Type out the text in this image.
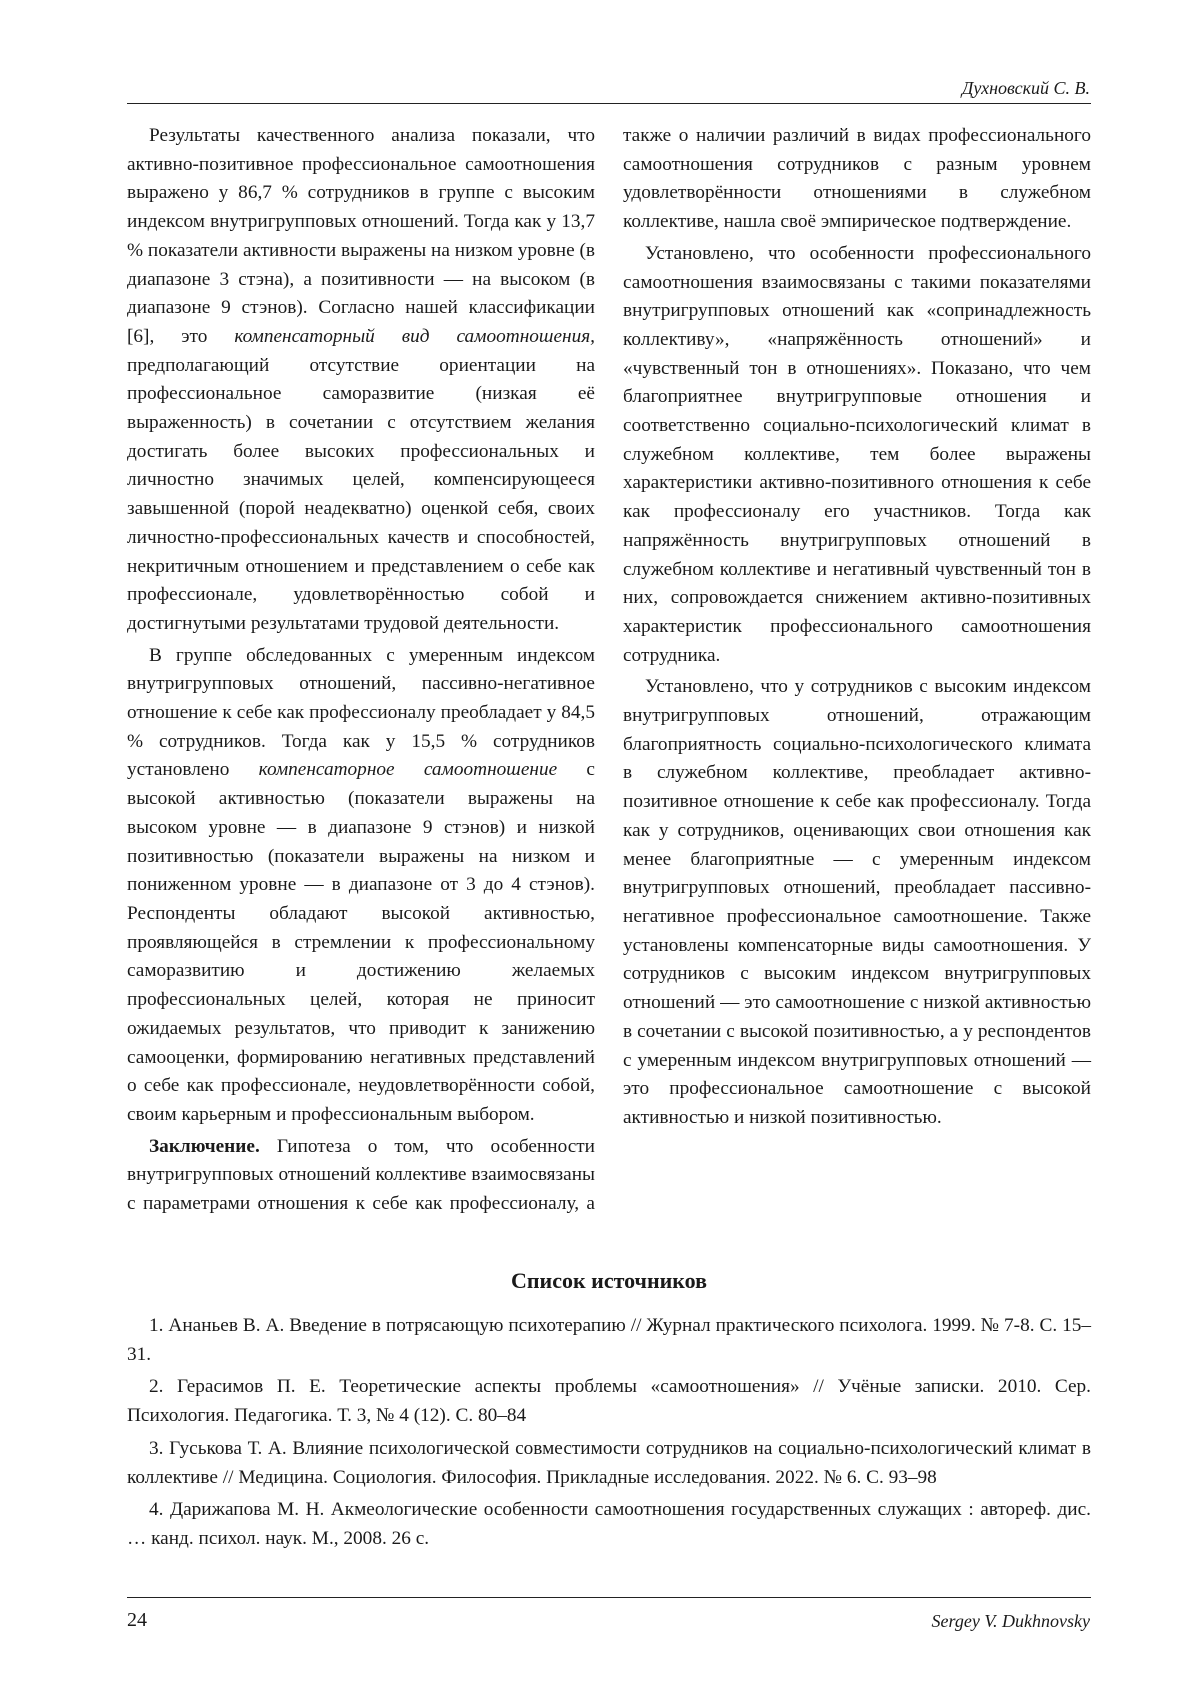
Духновский С. В.

Результаты качественного анализа показали, что активно-позитивное профессиональное самоотношения выражено у 86,7 % сотрудников в группе с высоким индексом внутригрупповых отношений. Тогда как у 13,7 % показатели активности выражены на низком уровне (в диапазоне 3 стэна), а позитивности — на высоком (в диапазоне 9 стэнов). Согласно нашей классификации [6], это компенсаторный вид самоотношения, предполагающий отсутствие ориентации на профессиональное саморазвитие (низкая её выраженность) в сочетании с отсутствием желания достигать более высоких профессиональных и личностно значимых целей, компенсирующееся завышенной (порой неадекватно) оценкой себя, своих личностно-профессиональных качеств и способностей, некритичным отношением и представлением о себе как профессионале, удовлетворённостью собой и достигнутыми результатами трудовой деятельности.

В группе обследованных с умеренным индексом внутригрупповых отношений, пассивно-негативное отношение к себе как профессионалу преобладает у 84,5 % сотрудников. Тогда как у 15,5 % сотрудников установлено компенсаторное самоотношение с высокой активностью (показатели выражены на высоком уровне — в диапазоне 9 стэнов) и низкой позитивностью (показатели выражены на низком и пониженном уровне — в диапазоне от 3 до 4 стэнов). Респонденты обладают высокой активностью, проявляющейся в стремлении к профессиональному саморазвитию и достижению желаемых профессиональных целей, которая не приносит ожидаемых результатов, что приводит к занижению самооценки, формированию негативных представлений о себе как профессионале, неудовлетворённости собой, своим карьерным и профессиональным выбором.

Заключение. Гипотеза о том, что особенности внутригрупповых отношений коллективе взаимосвязаны с параметрами отношения к себе как профессионалу, а также о наличии различий в видах профессионального самоотношения сотрудников с разным уровнем удовлетворённости отношениями в служебном коллективе, нашла своё эмпирическое подтверждение.

Установлено, что особенности профессионального самоотношения взаимосвязаны с такими показателями внутригрупповых отношений как «сопринадлежность коллективу», «напряжённость отношений» и «чувственный тон в отношениях». Показано, что чем благоприятнее внутригрупповые отношения и соответственно социально-психологический климат в служебном коллективе, тем более выражены характеристики активно-позитивного отношения к себе как профессионалу его участников. Тогда как напряжённость внутригрупповых отношений в служебном коллективе и негативный чувственный тон в них, сопровождается снижением активно-позитивных характеристик профессионального самоотношения сотрудника.

Установлено, что у сотрудников с высоким индексом внутригрупповых отношений, отражающим благоприятность социально-психологического климата в служебном коллективе, преобладает активно-позитивное отношение к себе как профессионалу. Тогда как у сотрудников, оценивающих свои отношения как менее благоприятные — с умеренным индексом внутригрупповых отношений, преобладает пассивно-негативное профессиональное самоотношение. Также установлены компенсаторные виды самоотношения. У сотрудников с высоким индексом внутригрупповых отношений — это самоотношение с низкой активностью в сочетании с высокой позитивностью, а у респондентов с умеренным индексом внутригрупповых отношений — это профессиональное самоотношение с высокой активностью и низкой позитивностью.

Список источников
1. Ананьев В. А. Введение в потрясающую психотерапию // Журнал практического психолога. 1999. № 7-8. С. 15–31.
2. Герасимов П. Е. Теоретические аспекты проблемы «самоотношения» // Учёные записки. 2010. Сер. Психология. Педагогика. Т. 3, № 4 (12). С. 80–84
3. Гуськова Т. А. Влияние психологической совместимости сотрудников на социально-психологический климат в коллективе // Медицина. Социология. Философия. Прикладные исследования. 2022. № 6. С. 93–98
4. Дарижапова М. Н. Акмеологические особенности самоотношения государственных служащих : автореф. дис. … канд. психол. наук. М., 2008. 26 с.
24	Sergey V. Dukhnovsky
